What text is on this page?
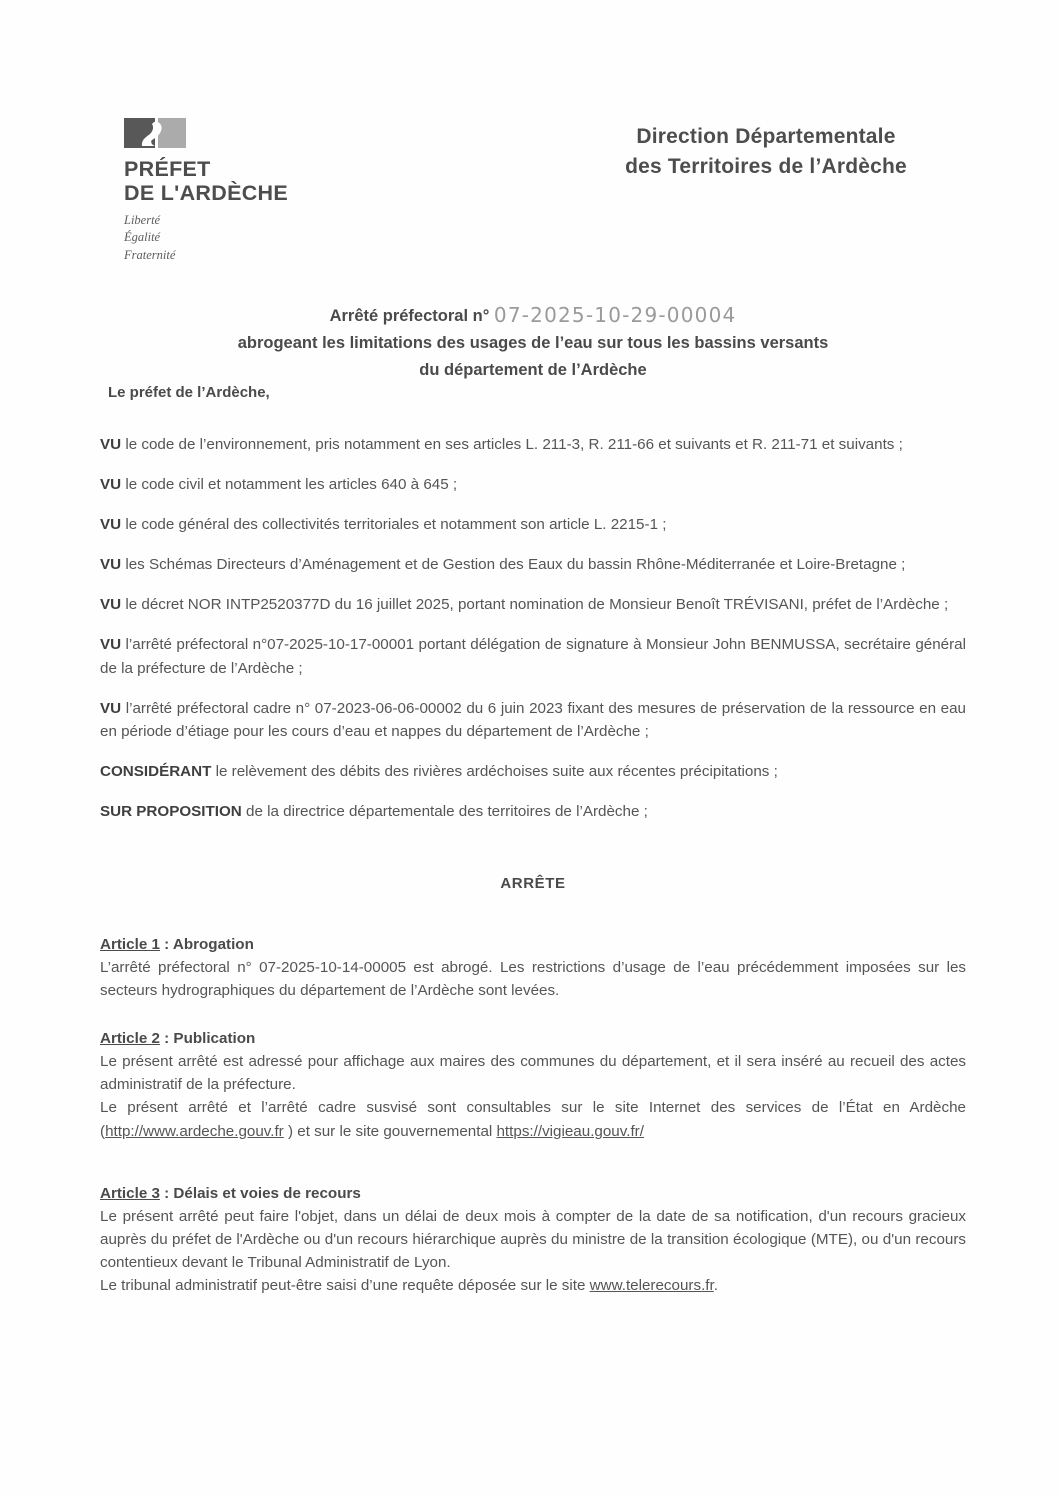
PRÉFET
DE L'ARDÈCHE
Liberté
Égalité
Fraternité
Direction Départementale
des Territoires de l’Ardèche
Arrêté préfectoral n° 07-2025-10-29-00004
abrogeant les limitations des usages de l’eau sur tous les bassins versants
du département de l’Ardèche
Le préfet de l’Ardèche,

VU le code de l’environnement, pris notamment en ses articles L. 211-3, R. 211-66 et suivants et R. 211-71 et suivants ;

VU le code civil et notamment les articles 640 à 645 ;

VU le code général des collectivités territoriales et notamment son article L. 2215-1 ;

VU les Schémas Directeurs d’Aménagement et de Gestion des Eaux du bassin Rhône-Méditerranée et Loire-Bretagne ;

VU le décret NOR INTP2520377D du 16 juillet 2025, portant nomination de Monsieur Benoît TRÉVISANI, préfet de l’Ardèche ;

VU l’arrêté préfectoral n°07-2025-10-17-00001 portant délégation de signature à Monsieur John BENMUSSA, secrétaire général de la préfecture de l’Ardèche ;

VU l’arrêté préfectoral cadre n° 07-2023-06-06-00002 du 6 juin 2023 fixant des mesures de préservation de la ressource en eau en période d’étiage pour les cours d’eau et nappes du département de l’Ardèche ;

CONSIDÉRANT le relèvement des débits des rivières ardéchoises suite aux récentes précipitations ;

SUR PROPOSITION de la directrice départementale des territoires de l’Ardèche ;

ARRÊTE
Article 1 : Abrogation

L’arrêté préfectoral n° 07-2025-10-14-00005 est abrogé. Les restrictions d’usage de l’eau précédemment imposées sur les secteurs hydrographiques du département de l’Ardèche sont levées.

Article 2 : Publication

Le présent arrêté est adressé pour affichage aux maires des communes du département, et il sera inséré au recueil des actes administratif de la préfecture.

Le présent arrêté et l’arrêté cadre susvisé sont consultables sur le site Internet des services de l’État en Ardèche (http://www.ardeche.gouv.fr ) et sur le site gouvernemental https://vigieau.gouv.fr/

Article 3 : Délais et voies de recours

Le présent arrêté peut faire l'objet, dans un délai de deux mois à compter de la date de sa notification, d'un recours gracieux auprès du préfet de l'Ardèche ou d'un recours hiérarchique auprès du ministre de la transition écologique (MTE), ou d'un recours contentieux devant le Tribunal Administratif de Lyon.

Le tribunal administratif peut-être saisi d’une requête déposée sur le site www.telerecours.fr.
